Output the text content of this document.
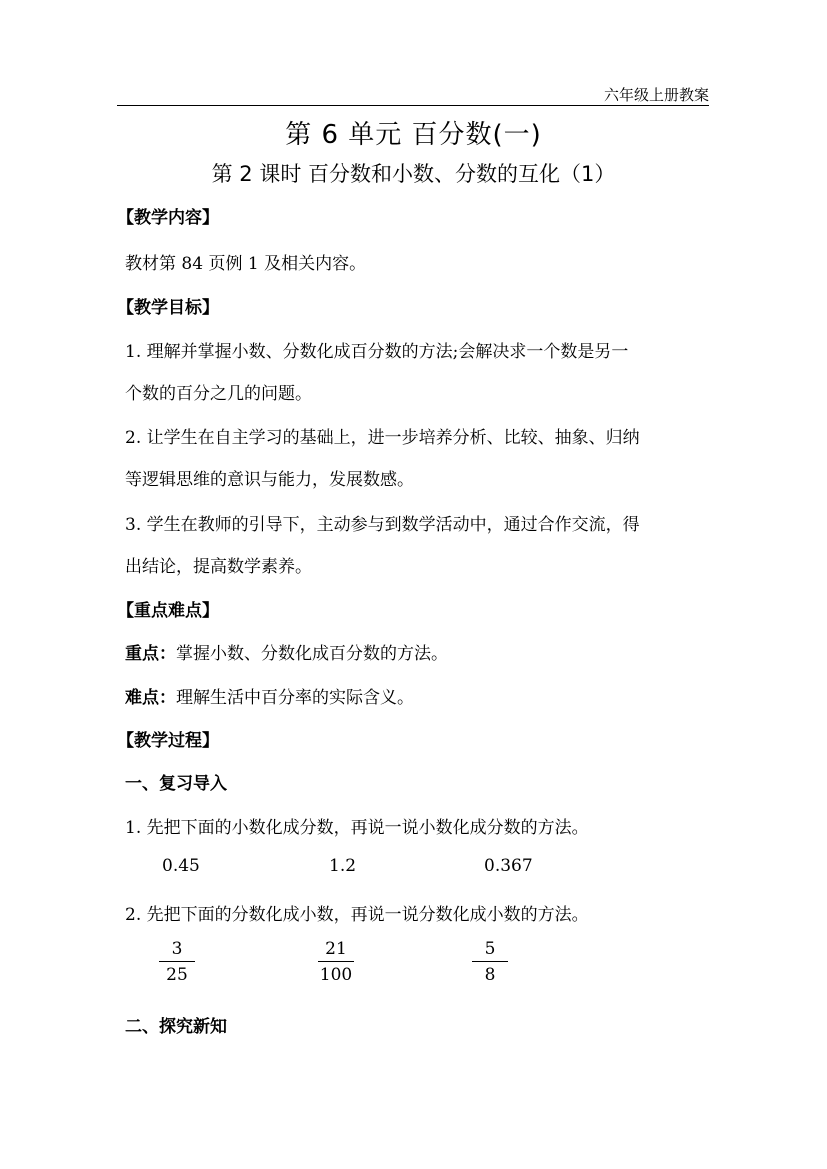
六年级上册教案
第 6 单元 百分数(一)
第 2 课时 百分数和小数、分数的互化（1）
【教学内容】
教材第 84 页例 1 及相关内容。
【教学目标】
1. 理解并掌握小数、分数化成百分数的方法;会解决求一个数是另一
个数的百分之几的问题。
2. 让学生在自主学习的基础上，进一步培养分析、比较、抽象、归纳
等逻辑思维的意识与能力，发展数感。
3. 学生在教师的引导下，主动参与到数学活动中，通过合作交流，得
出结论，提高数学素养。
【重点难点】
重点：掌握小数、分数化成百分数的方法。
难点：理解生活中百分率的实际含义。
【教学过程】
一、复习导入
1. 先把下面的小数化成分数，再说一说小数化成分数的方法。
0.45	1.2	0.367
2. 先把下面的分数化成小数，再说一说分数化成小数的方法。
3
25
21
100
5
8
二、探究新知
